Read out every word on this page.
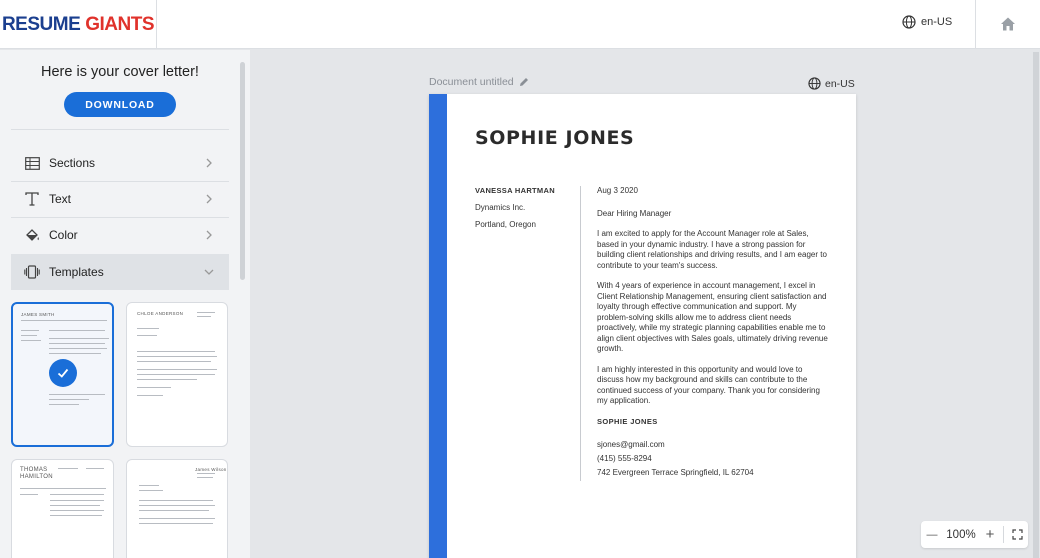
RESUME GIANTS	en-US
Here is your cover letter!
DOWNLOAD
Sections
Text
Color
Templates
JAMES SMITH	CHLOE ANDERSON
THOMAS HAMILTON
James Wilson
Document untitled	en-US
SOPHIE JONES
VANESSA HARTMAN
Dynamics Inc.
Portland, Oregon

Aug 3 2020

Dear Hiring Manager

I am excited to apply for the Account Manager role at Sales, based in your dynamic industry. I have a strong passion for building client relationships and driving results, and I am eager to contribute to your team's success.

With 4 years of experience in account management, I excel in Client Relationship Management, ensuring client satisfaction and loyalty through effective communication and support. My problem-solving skills allow me to address client needs proactively, while my strategic planning capabilities enable me to align client objectives with Sales goals, ultimately driving revenue growth.

I am highly interested in this opportunity and would love to discuss how my background and skills can contribute to the continued success of your company. Thank you for considering my application.

SOPHIE JONES
sjones@gmail.com
(415) 555-8294
742 Evergreen Terrace Springfield, IL 62704
— 100% +
